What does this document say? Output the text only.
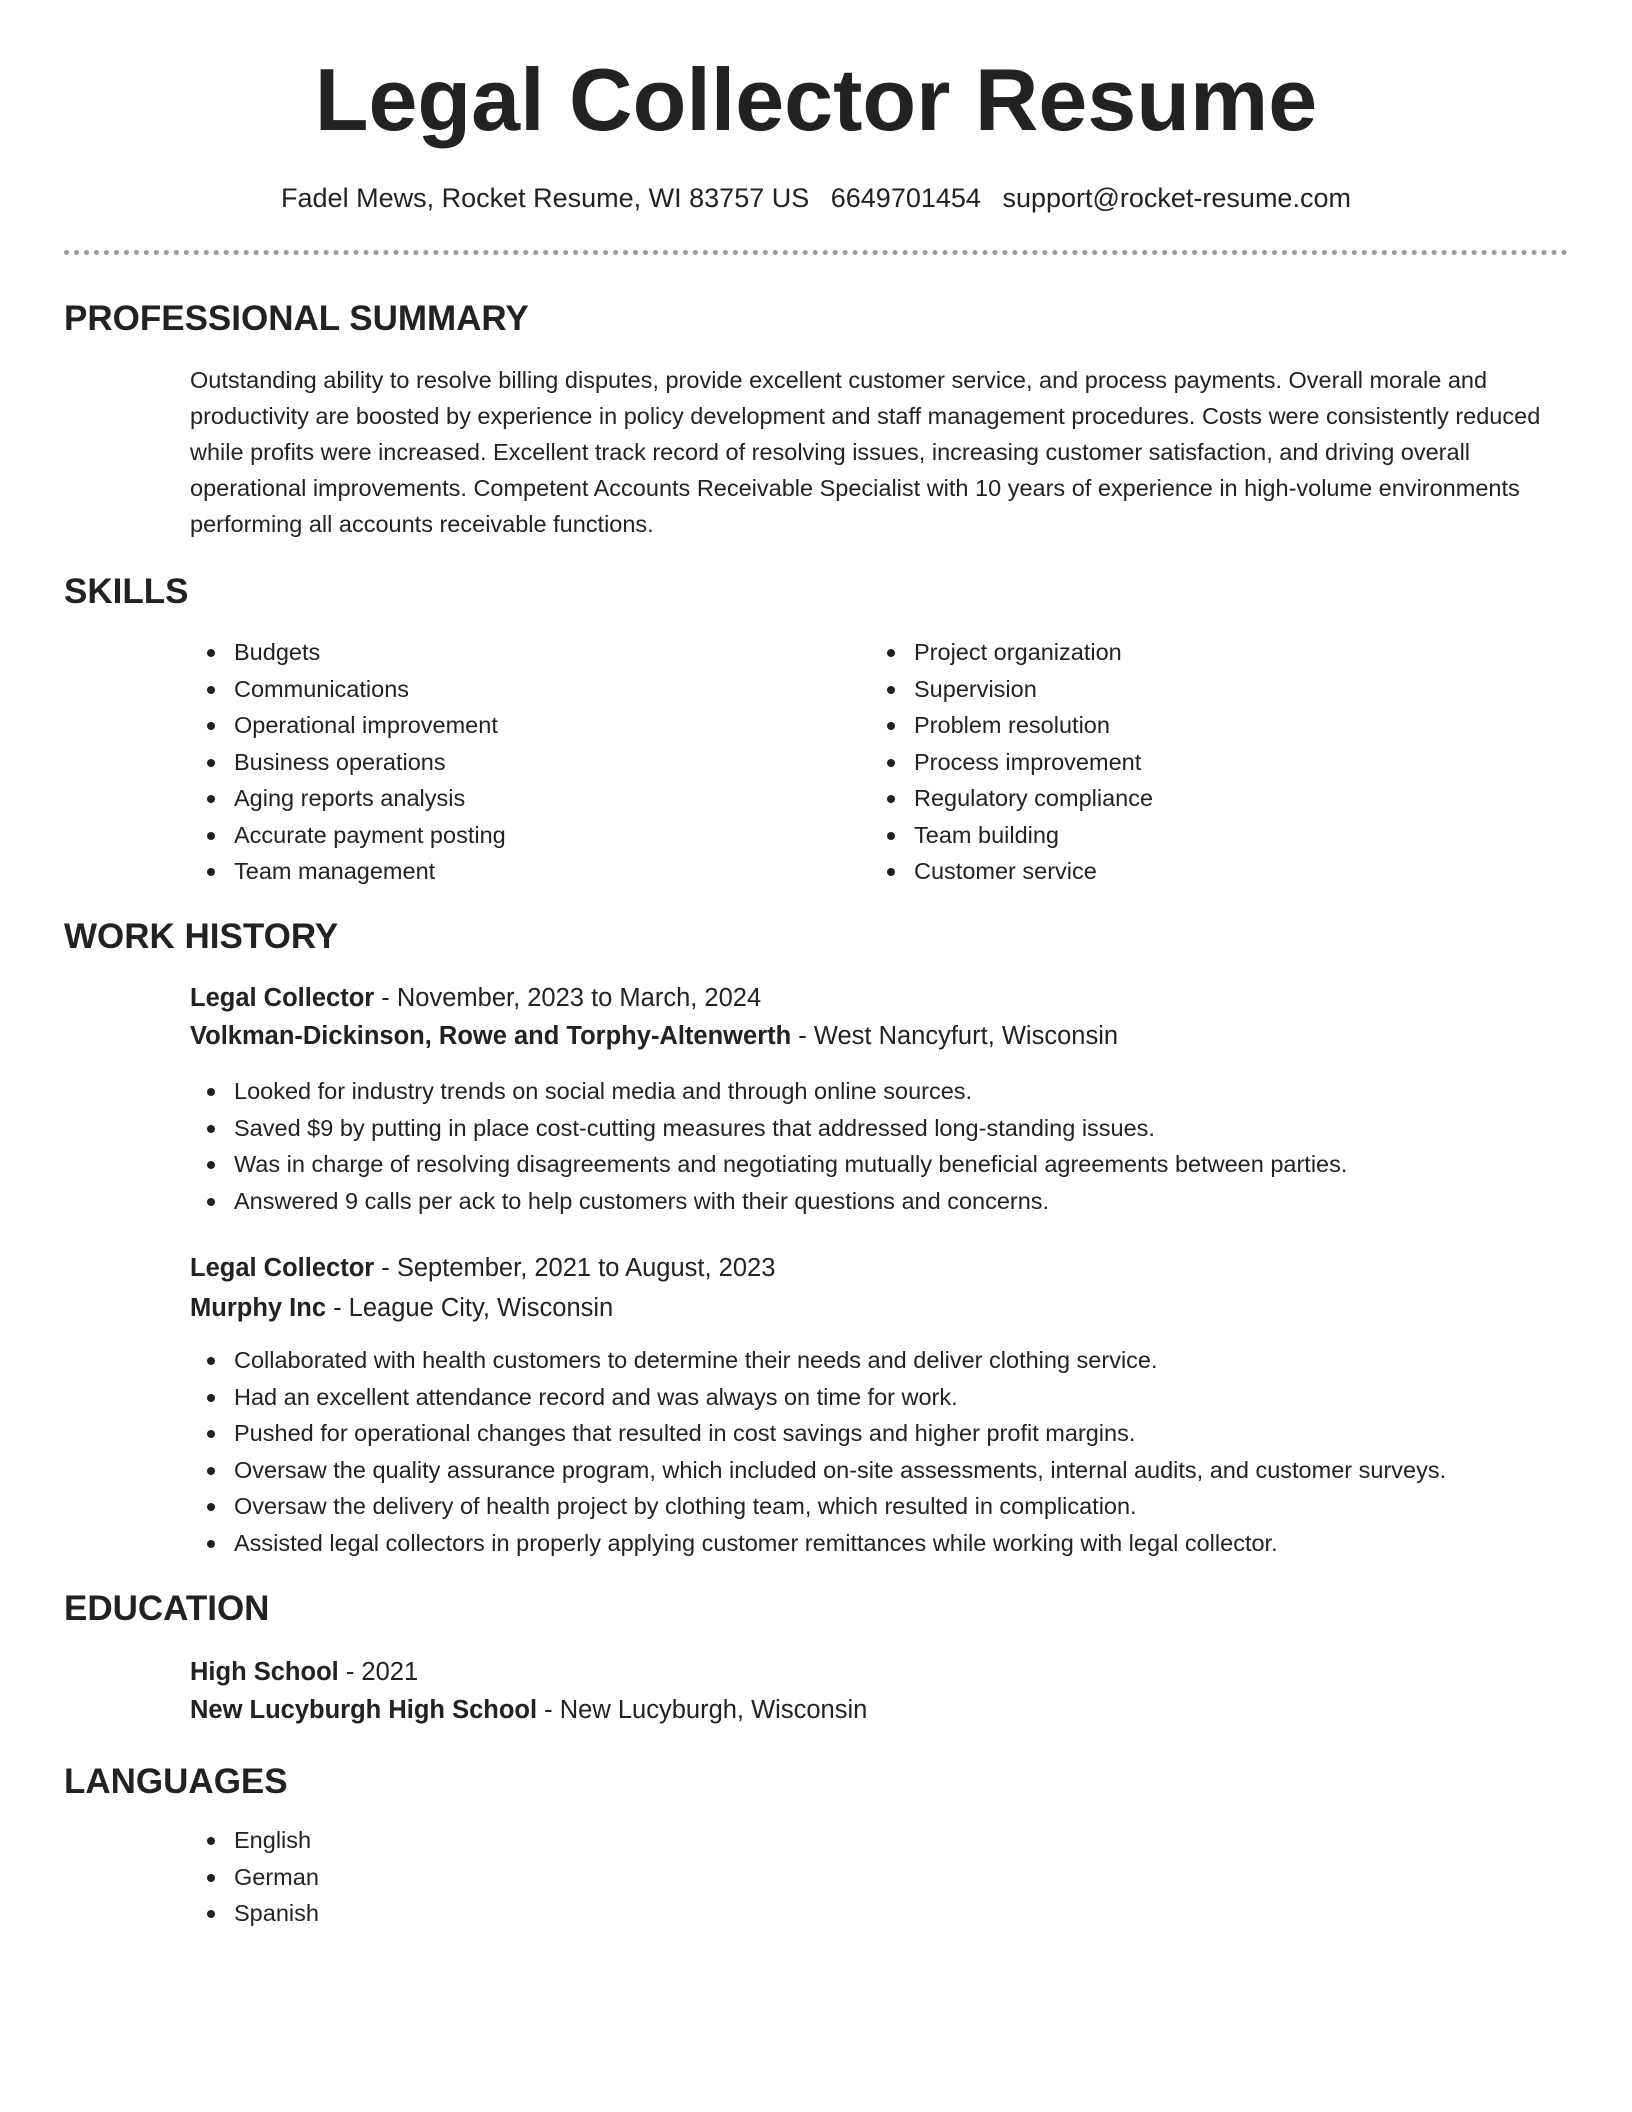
Legal Collector Resume
Fadel Mews, Rocket Resume, WI 83757 US 6649701454 support@rocket-resume.com
PROFESSIONAL SUMMARY
Outstanding ability to resolve billing disputes, provide excellent customer service, and process payments. Overall morale and productivity are boosted by experience in policy development and staff management procedures. Costs were consistently reduced while profits were increased. Excellent track record of resolving issues, increasing customer satisfaction, and driving overall operational improvements. Competent Accounts Receivable Specialist with 10 years of experience in high-volume environments performing all accounts receivable functions.
SKILLS
Budgets
Communications
Operational improvement
Business operations
Aging reports analysis
Accurate payment posting
Team management
Project organization
Supervision
Problem resolution
Process improvement
Regulatory compliance
Team building
Customer service
WORK HISTORY
Legal Collector - November, 2023 to March, 2024
Volkman-Dickinson, Rowe and Torphy-Altenwerth - West Nancyfurt, Wisconsin
Looked for industry trends on social media and through online sources.
Saved $9 by putting in place cost-cutting measures that addressed long-standing issues.
Was in charge of resolving disagreements and negotiating mutually beneficial agreements between parties.
Answered 9 calls per ack to help customers with their questions and concerns.
Legal Collector - September, 2021 to August, 2023
Murphy Inc - League City, Wisconsin
Collaborated with health customers to determine their needs and deliver clothing service.
Had an excellent attendance record and was always on time for work.
Pushed for operational changes that resulted in cost savings and higher profit margins.
Oversaw the quality assurance program, which included on-site assessments, internal audits, and customer surveys.
Oversaw the delivery of health project by clothing team, which resulted in complication.
Assisted legal collectors in properly applying customer remittances while working with legal collector.
EDUCATION
High School - 2021
New Lucyburgh High School - New Lucyburgh, Wisconsin
LANGUAGES
English
German
Spanish
